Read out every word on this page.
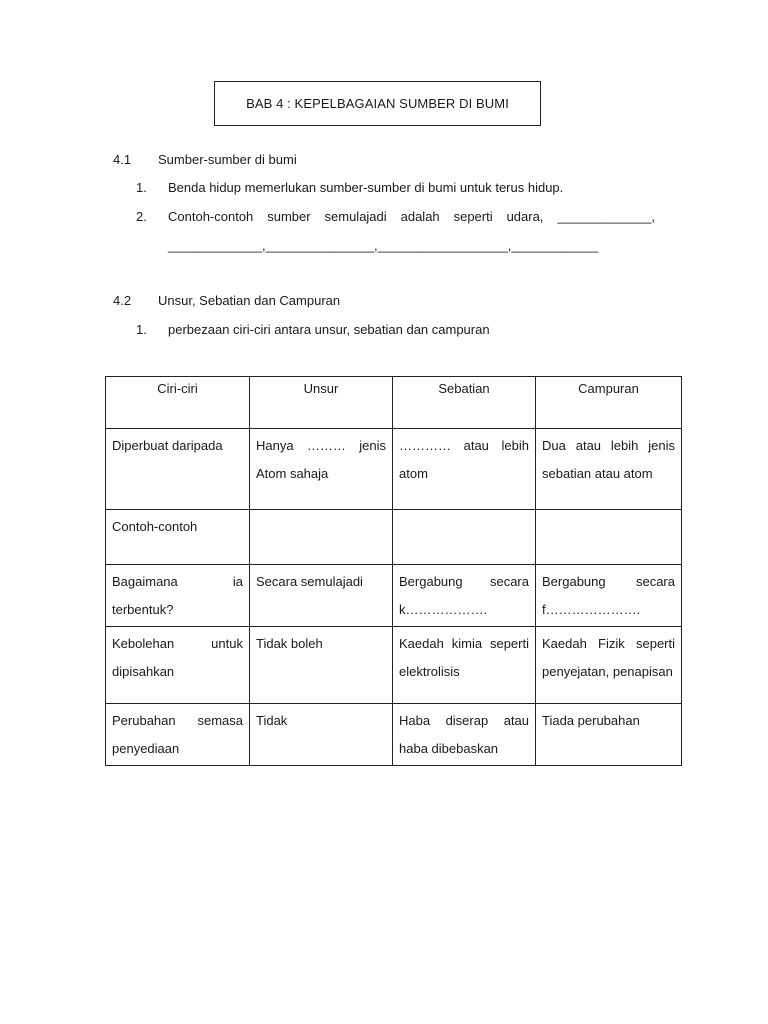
BAB 4 : KEPELBAGAIAN SUMBER DI BUMI
4.1 Sumber-sumber di bumi
1. Benda hidup memerlukan sumber-sumber di bumi untuk terus hidup.
2. Contoh-contoh sumber semulajadi adalah seperti udara, _____________,
_____________, _______________, __________________, ____________
4.2 Unsur, Sebatian dan Campuran
1. perbezaan ciri-ciri antara unsur, sebatian dan campuran
Ciri-ciri	Unsur	Sebatian	Campuran
Diperbuat daripada	Hanya ……… jenis Atom sahaja	………… atau lebih atom	Dua atau lebih jenis sebatian atau atom
Contoh-contoh			
Bagaimana ia terbentuk?	Secara semulajadi	Bergabung secara k……………….	Bergabung secara f………………….
Kebolehan untuk dipisahkan	Tidak boleh	Kaedah kimia seperti elektrolisis	Kaedah Fizik seperti penyejatan, penapisan
Perubahan semasa penyediaan	Tidak	Haba diserap atau haba dibebaskan	Tiada perubahan
